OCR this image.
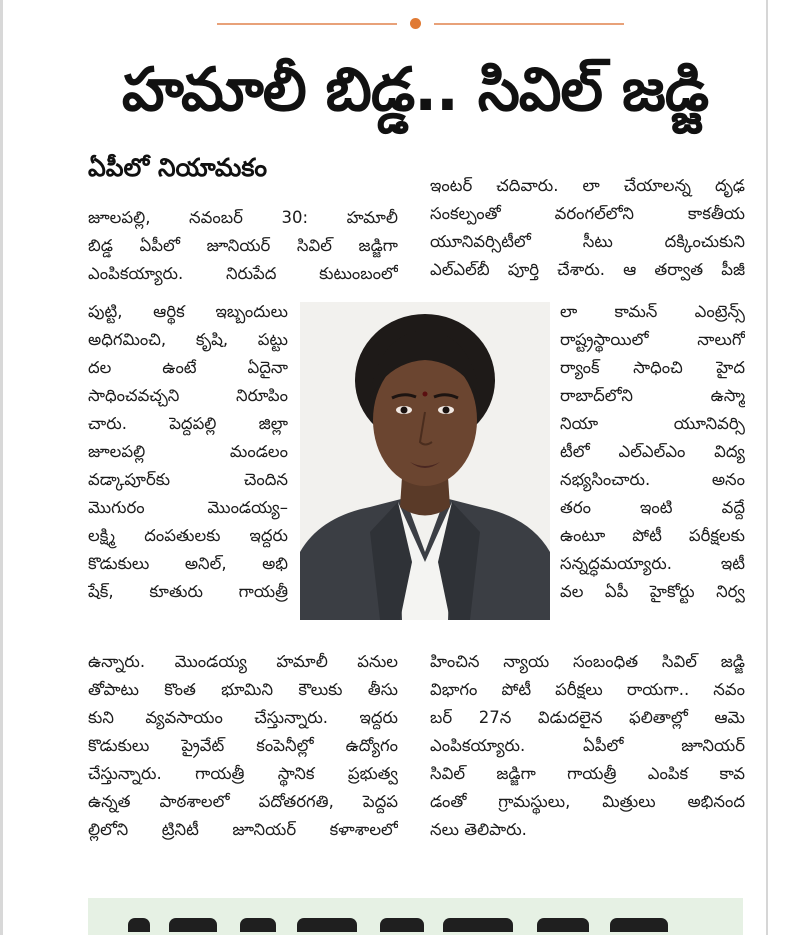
హమాలీ బిడ్డ.. సివిల్ జడ్జి
ఏపీలో నియామకం
జూలపల్లి, నవంబర్ 30: హమాలీ
బిడ్డ ఏపీలో జూనియర్ సివిల్ జడ్జిగా
ఎంపికయ్యారు. నిరుపేద కుటుంబంలో
పుట్టి, ఆర్థిక ఇబ్బందులు
అధిగమించి, కృషి, పట్టు
దల ఉంటే ఏదైనా
సాధించవచ్చని నిరూపిం
చారు. పెద్దపల్లి జిల్లా
జూలపల్లి మండలం
వడ్కాపూర్‌కు చెందిన
మొగురం మొండయ్య–
లక్ష్మి దంపతులకు ఇద్దరు
కొడుకులు అనిల్, అభి
షేక్, కూతురు గాయత్రీ
ఉన్నారు. మొండయ్య హమాలీ పనుల
తోపాటు కొంత భూమిని కౌలుకు తీసు
కుని వ్యవసాయం చేస్తున్నారు. ఇద్దరు
కొడుకులు ప్రైవేట్ కంపెనీల్లో ఉద్యోగం
చేస్తున్నారు. గాయత్రీ స్థానిక ప్రభుత్వ
ఉన్నత పాఠశాలలో పదోతరగతి, పెద్దప
ల్లిలోని ట్రినిటీ జూనియర్ కళాశాలలో
ఇంటర్ చదివారు. లా చేయాలన్న దృఢ
సంకల్పంతో వరంగల్‌లోని కాకతీయ
యూనివర్సిటీలో సీటు దక్కించుకుని
ఎల్‌ఎల్‌బీ పూర్తి చేశారు. ఆ తర్వాత పీజీ
లా కామన్ ఎంట్రెన్స్
రాష్ట్రస్థాయిలో నాలుగో
ర్యాంక్ సాధించి హైద
రాబాద్‌లోని ఉస్మా
నియా యూనివర్సి
టీలో ఎల్‌ఎల్‌ఎం విద్య
నభ్యసించారు. అనం
తరం ఇంటి వద్దే
ఉంటూ పోటీ పరీక్షలకు
సన్నద్ధమయ్యారు. ఇటీ
వల ఏపీ హైకోర్టు నిర్వ
హించిన న్యాయ సంబంధిత సివిల్ జడ్జి
విభాగం పోటీ పరీక్షలు రాయగా.. నవం
బర్ 27న విడుదలైన ఫలితాల్లో ఆమె
ఎంపికయ్యారు. ఏపీలో జూనియర్
సివిల్ జడ్జిగా గాయత్రీ ఎంపిక కావ
డంతో గ్రామస్థులు, మిత్రులు అభినంద
నలు తెలిపారు.
